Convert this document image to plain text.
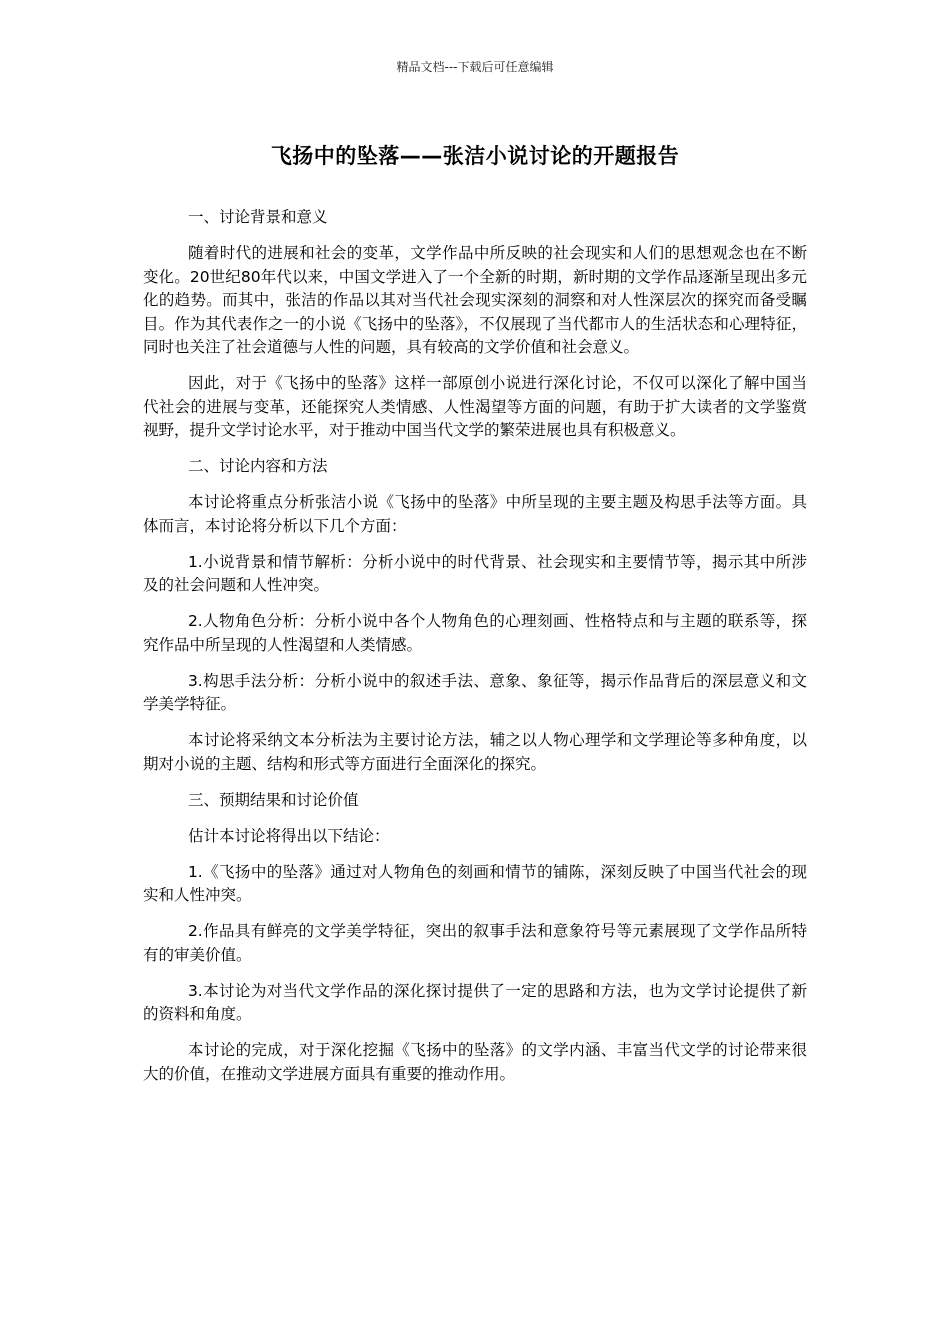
精品文档---下载后可任意编辑
飞扬中的坠落——张洁小说讨论的开题报告

一、讨论背景和意义

随着时代的进展和社会的变革，文学作品中所反映的社会现实和人们的思想观念也在不断变化。20世纪80年代以来，中国文学进入了一个全新的时期，新时期的文学作品逐渐呈现出多元化的趋势。而其中，张洁的作品以其对当代社会现实深刻的洞察和对人性深层次的探究而备受瞩目。作为其代表作之一的小说《飞扬中的坠落》，不仅展现了当代都市人的生活状态和心理特征，同时也关注了社会道德与人性的问题，具有较高的文学价值和社会意义。

因此，对于《飞扬中的坠落》这样一部原创小说进行深化讨论，不仅可以深化了解中国当代社会的进展与变革，还能探究人类情感、人性渴望等方面的问题，有助于扩大读者的文学鉴赏视野，提升文学讨论水平，对于推动中国当代文学的繁荣进展也具有积极意义。

二、讨论内容和方法

本讨论将重点分析张洁小说《飞扬中的坠落》中所呈现的主要主题及构思手法等方面。具体而言，本讨论将分析以下几个方面：

1.小说背景和情节解析：分析小说中的时代背景、社会现实和主要情节等，揭示其中所涉及的社会问题和人性冲突。

2.人物角色分析：分析小说中各个人物角色的心理刻画、性格特点和与主题的联系等，探究作品中所呈现的人性渴望和人类情感。

3.构思手法分析：分析小说中的叙述手法、意象、象征等，揭示作品背后的深层意义和文学美学特征。

本讨论将采纳文本分析法为主要讨论方法，辅之以人物心理学和文学理论等多种角度，以期对小说的主题、结构和形式等方面进行全面深化的探究。

三、预期结果和讨论价值

估计本讨论将得出以下结论：

1.《飞扬中的坠落》通过对人物角色的刻画和情节的铺陈，深刻反映了中国当代社会的现实和人性冲突。

2.作品具有鲜亮的文学美学特征，突出的叙事手法和意象符号等元素展现了文学作品所特有的审美价值。

3.本讨论为对当代文学作品的深化探讨提供了一定的思路和方法，也为文学讨论提供了新的资料和角度。

本讨论的完成，对于深化挖掘《飞扬中的坠落》的文学内涵、丰富当代文学的讨论带来很大的价值，在推动文学进展方面具有重要的推动作用。
